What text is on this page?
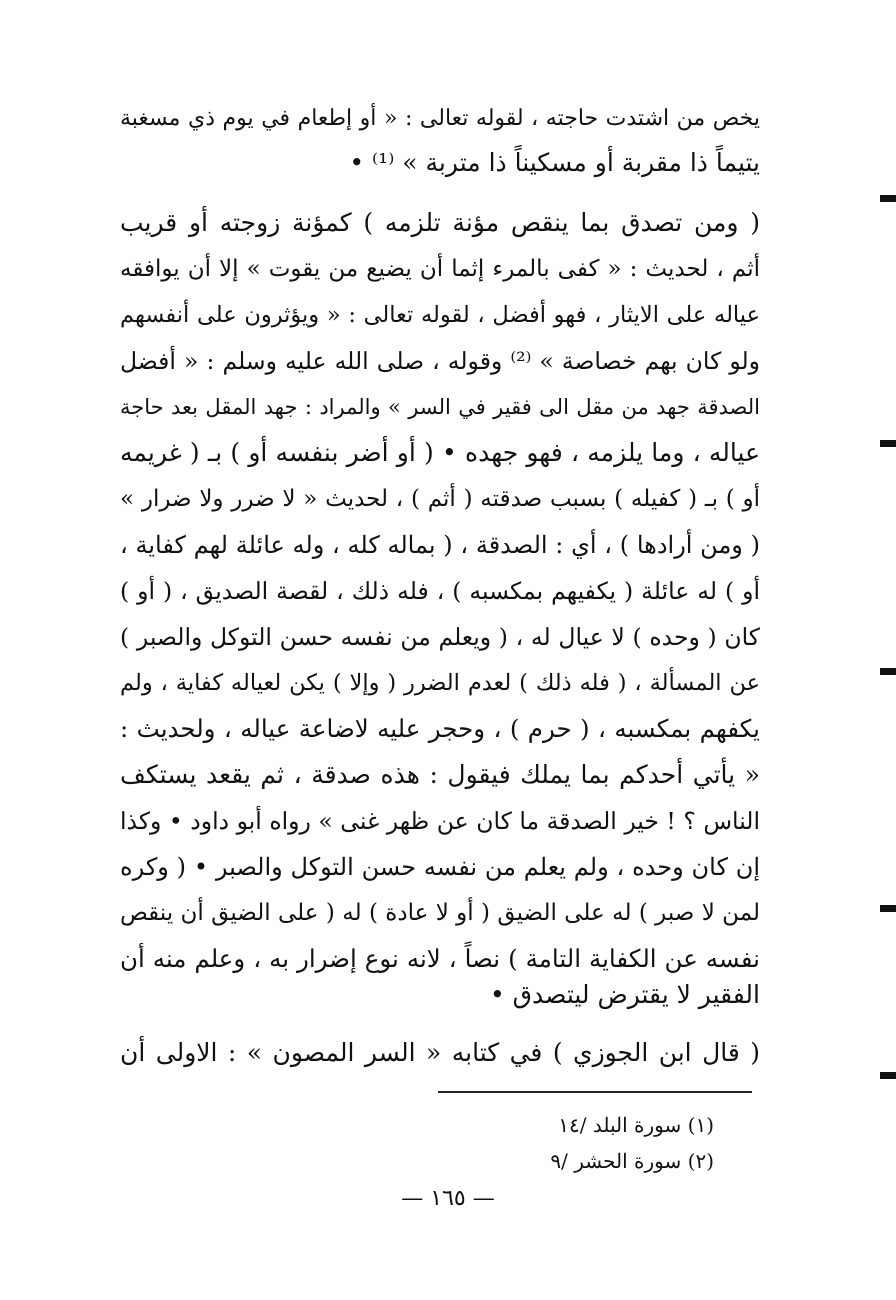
يخص من اشتدت حاجته ، لقوله تعالى : « أو إطعام في يوم ذي مسغبة
يتيماً ذا مقربة أو مسكيناً ذا متربة » ⁽¹⁾ •
( ومن تصدق بما ينقص مؤنة تلزمه ) كمؤنة زوجته أو قريب
أثم ، لحديث : « كفى بالمرء إثما أن يضيع من يقوت » إلا أن يوافقه
عياله على الايثار ، فهو أفضل ، لقوله تعالى : « ويؤثرون على أنفسهم
ولو كان بهم خصاصة » ⁽²⁾ وقوله ، صلى الله عليه وسلم : « أفضل
الصدقة جهد من مقل الى فقير في السر » والمراد : جهد المقل بعد حاجة
عياله ، وما يلزمه ، فهو جهده • ( أو أضر بنفسه أو ) بـ ( غريمه
أو ) بـ ( كفيله ) بسبب صدقته ( أثم ) ، لحديث « لا ضرر ولا ضرار »
( ومن أرادها ) ، أي : الصدقة ، ( بماله كله ، وله عائلة لهم كفاية ،
أو ) له عائلة ( يكفيهم بمكسبه ) ، فله ذلك ، لقصة الصديق ، ( أو )
كان ( وحده ) لا عيال له ، ( ويعلم من نفسه حسن التوكل والصبر )
عن المسألة ، ( فله ذلك ) لعدم الضرر ( وإلا ) يكن لعياله كفاية ، ولم
يكفهم بمكسبه ، ( حرم ) ، وحجر عليه لاضاعة عياله ، ولحديث :
« يأتي أحدكم بما يملك فيقول : هذه صدقة ، ثم يقعد يستكف
الناس ؟ ! خير الصدقة ما كان عن ظهر غنى » رواه أبو داود • وكذا
إن كان وحده ، ولم يعلم من نفسه حسن التوكل والصبر • ( وكره
لمن لا صبر ) له على الضيق ( أو لا عادة ) له ( على الضيق أن ينقص
نفسه عن الكفاية التامة ) نصاً ، لانه نوع إضرار به ، وعلم منه أن
الفقير لا يقترض ليتصدق •
( قال ابن الجوزي ) في كتابه « السر المصون » : الاولى أن
(١) سورة البلد /١٤
(٢) سورة الحشر /٩
— ١٦٥ —
